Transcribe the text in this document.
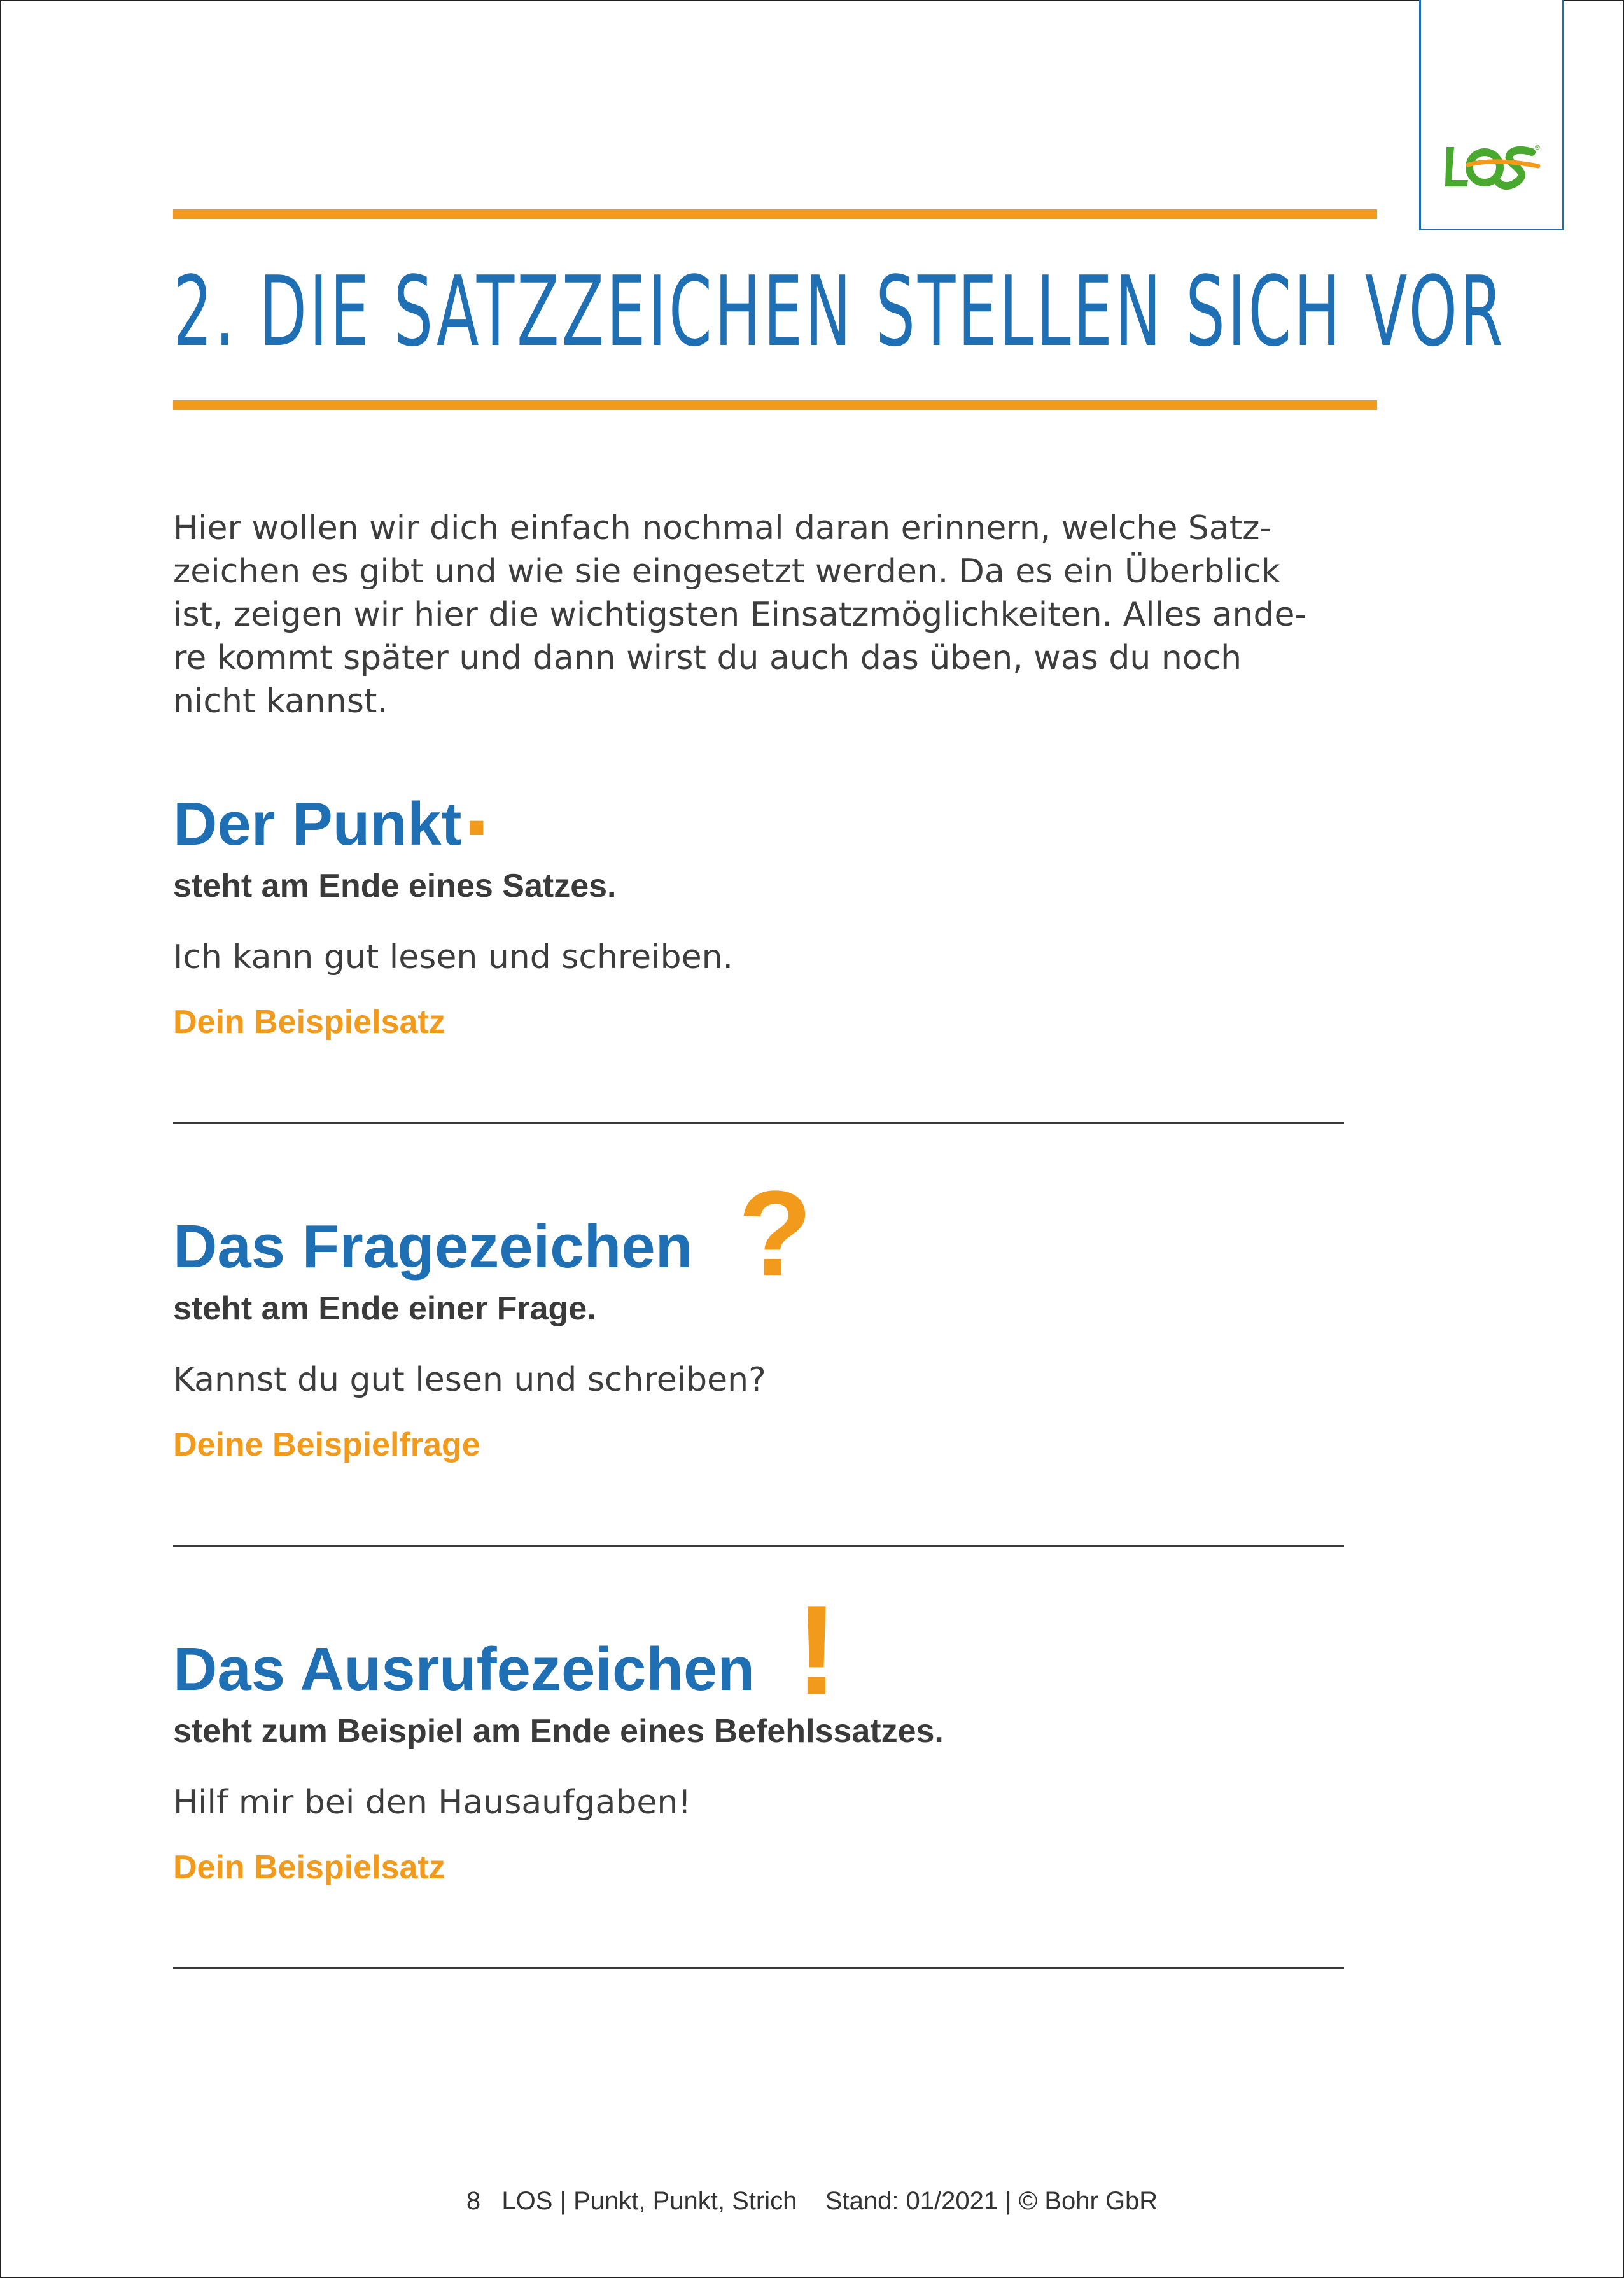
®
2. DIE SATZZEICHEN STELLEN SICH VOR

Hier wollen wir dich einfach nochmal daran erinnern, welche Satz-
zeichen es gibt und wie sie eingesetzt werden. Da es ein Überblick
ist, zeigen wir hier die wichtigsten Einsatzmöglichkeiten. Alles ande-
re kommt später und dann wirst du auch das üben, was du noch
nicht kannst.

Der Punkt .
steht am Ende eines Satzes.
Ich kann gut lesen und schreiben.
Dein Beispielsatz
Das Fragezeichen ?
steht am Ende einer Frage.
Kannst du gut lesen und schreiben?
Deine Beispielfrage
Das Ausrufezeichen !
steht zum Beispiel am Ende eines Befehlssatzes.
Hilf mir bei den Hausaufgaben!
Dein Beispielsatz
8 LOS | Punkt, Punkt, Strich    Stand: 01/2021 | © Bohr GbR
